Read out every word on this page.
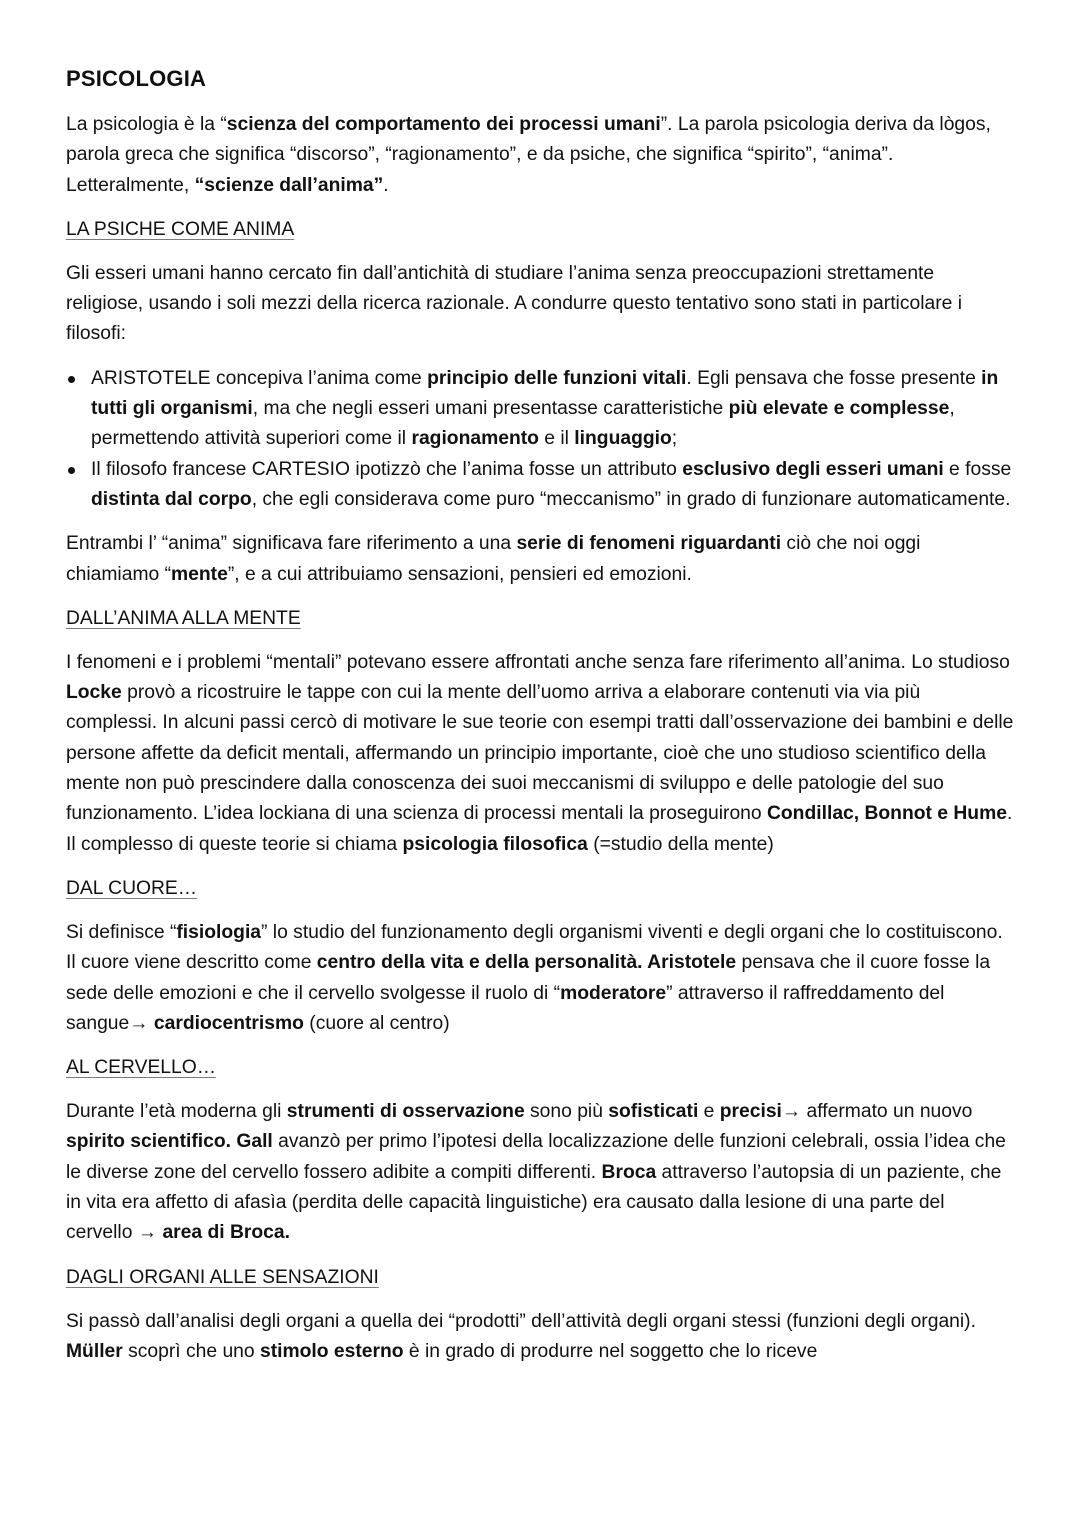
PSICOLOGIA

La psicologia è la “scienza del comportamento dei processi umani”. La parola psicologia deriva da lògos, parola greca che significa “discorso”, “ragionamento”, e da psiche, che significa “spirito”, “anima”. Letteralmente, “scienze dall’anima”.

LA PSICHE COME ANIMA

Gli esseri umani hanno cercato fin dall’antichità di studiare l’anima senza preoccupazioni strettamente religiose, usando i soli mezzi della ricerca razionale. A condurre questo tentativo sono stati in particolare i filosofi:

ARISTOTELE concepiva l’anima come principio delle funzioni vitali. Egli pensava che fosse presente in tutti gli organismi, ma che negli esseri umani presentasse caratteristiche più elevate e complesse, permettendo attività superiori come il ragionamento e il linguaggio;
Il filosofo francese CARTESIO ipotizzò che l’anima fosse un attributo esclusivo degli esseri umani e fosse distinta dal corpo, che egli considerava come puro “meccanismo” in grado di funzionare automaticamente.

Entrambi l’ “anima” significava fare riferimento a una serie di fenomeni riguardanti ciò che noi oggi chiamiamo “mente”, e a cui attribuiamo sensazioni, pensieri ed emozioni.

DALL’ANIMA ALLA MENTE

I fenomeni e i problemi “mentali” potevano essere affrontati anche senza fare riferimento all’anima. Lo studioso Locke provò a ricostruire le tappe con cui la mente dell’uomo arriva a elaborare contenuti via via più complessi. In alcuni passi cercò di motivare le sue teorie con esempi tratti dall’osservazione dei bambini e delle persone affette da deficit mentali, affermando un principio importante, cioè che uno studioso scientifico della mente non può prescindere dalla conoscenza dei suoi meccanismi di sviluppo e delle patologie del suo funzionamento. L’idea lockiana di una scienza di processi mentali la proseguirono Condillac, Bonnot e Hume. Il complesso di queste teorie si chiama psicologia filosofica (=studio della mente)

DAL CUORE…

Si definisce “fisiologia” lo studio del funzionamento degli organismi viventi e degli organi che lo costituiscono. Il cuore viene descritto come centro della vita e della personalità. Aristotele pensava che il cuore fosse la sede delle emozioni e che il cervello svolgesse il ruolo di “moderatore” attraverso il raffreddamento del sangue→ cardiocentrismo (cuore al centro)

AL CERVELLO…

Durante l’età moderna gli strumenti di osservazione sono più sofisticati e precisi→ affermato un nuovo spirito scientifico. Gall avanzò per primo l’ipotesi della localizzazione delle funzioni celebrali, ossia l’idea che le diverse zone del cervello fossero adibite a compiti differenti. Broca attraverso l’autopsia di un paziente, che in vita era affetto di afasìa (perdita delle capacità linguistiche) era causato dalla lesione di una parte del cervello → area di Broca.

DAGLI ORGANI ALLE SENSAZIONI

Si passò dall’analisi degli organi a quella dei “prodotti” dell’attività degli organi stessi (funzioni degli organi). Müller scoprì che uno stimolo esterno è in grado di produrre nel soggetto che lo riceve
